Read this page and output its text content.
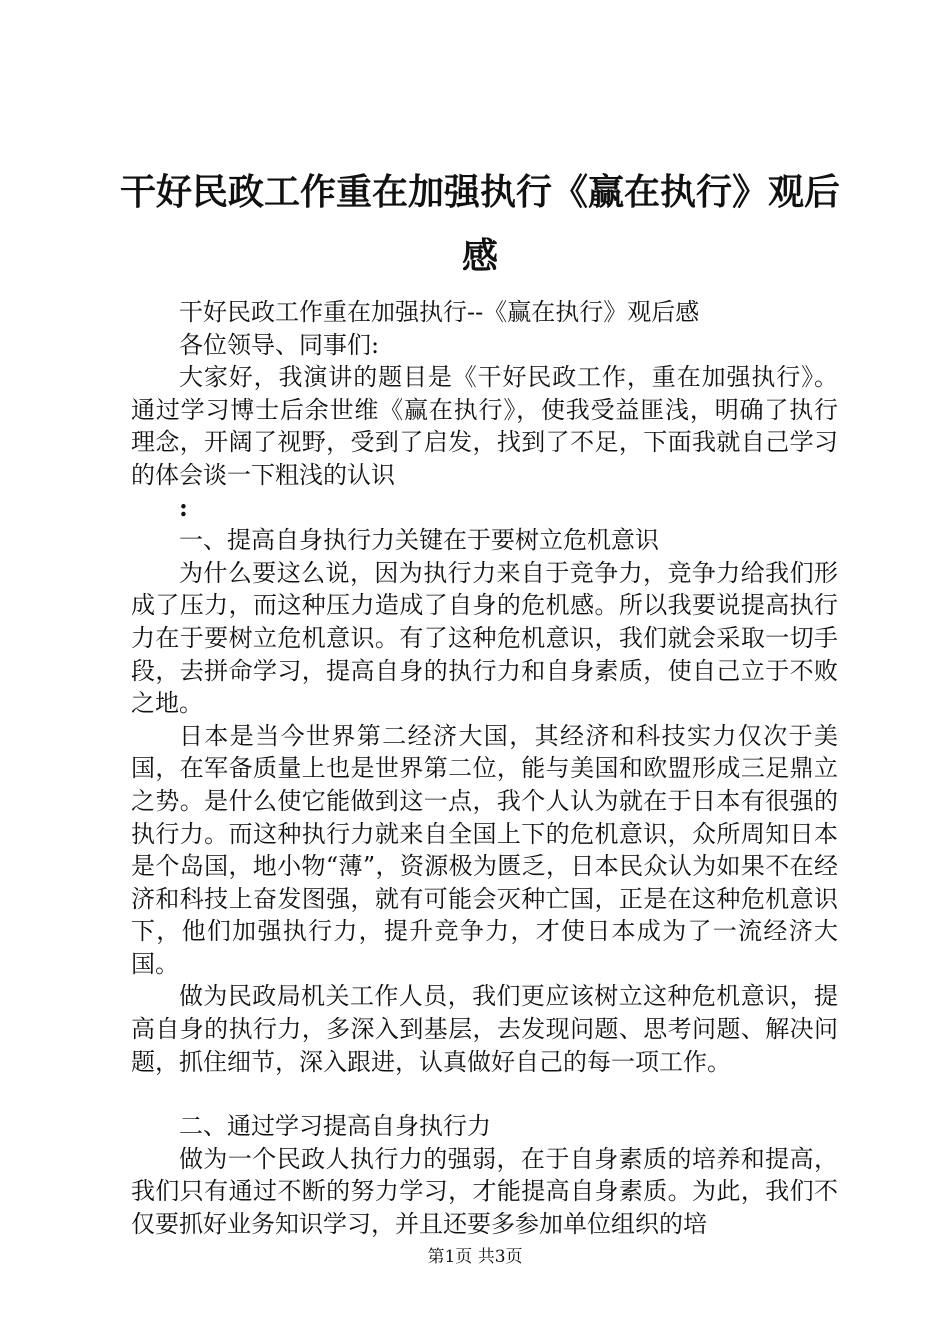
干好民政工作重在加强执行《赢在执行》观后感

干好民政工作重在加强执行--《赢在执行》观后感

各位领导、同事们:

大家好，我演讲的题目是《干好民政工作，重在加强执行》。通过学习博士后余世维《赢在执行》，使我受益匪浅，明确了执行理念，开阔了视野，受到了启发，找到了不足，下面我就自己学习的体会谈一下粗浅的认识

:

一、提高自身执行力关键在于要树立危机意识

为什么要这么说，因为执行力来自于竞争力，竞争力给我们形成了压力，而这种压力造成了自身的危机感。所以我要说提高执行力在于要树立危机意识。有了这种危机意识，我们就会采取一切手段，去拼命学习，提高自身的执行力和自身素质，使自己立于不败之地。

日本是当今世界第二经济大国，其经济和科技实力仅次于美国，在军备质量上也是世界第二位，能与美国和欧盟形成三足鼎立之势。是什么使它能做到这一点，我个人认为就在于日本有很强的执行力。而这种执行力就来自全国上下的危机意识，众所周知日本是个岛国，地小物“薄”，资源极为匮乏，日本民众认为如果不在经济和科技上奋发图强，就有可能会灭种亡国，正是在这种危机意识下，他们加强执行力，提升竞争力，才使日本成为了一流经济大国。

做为民政局机关工作人员，我们更应该树立这种危机意识，提高自身的执行力，多深入到基层，去发现问题、思考问题、解决问题，抓住细节，深入跟进，认真做好自己的每一项工作。

二、通过学习提高自身执行力

做为一个民政人执行力的强弱，在于自身素质的培养和提高，我们只有通过不断的努力学习，才能提高自身素质。为此，我们不仅要抓好业务知识学习，并且还要多参加单位组织的培

第1页 共3页
